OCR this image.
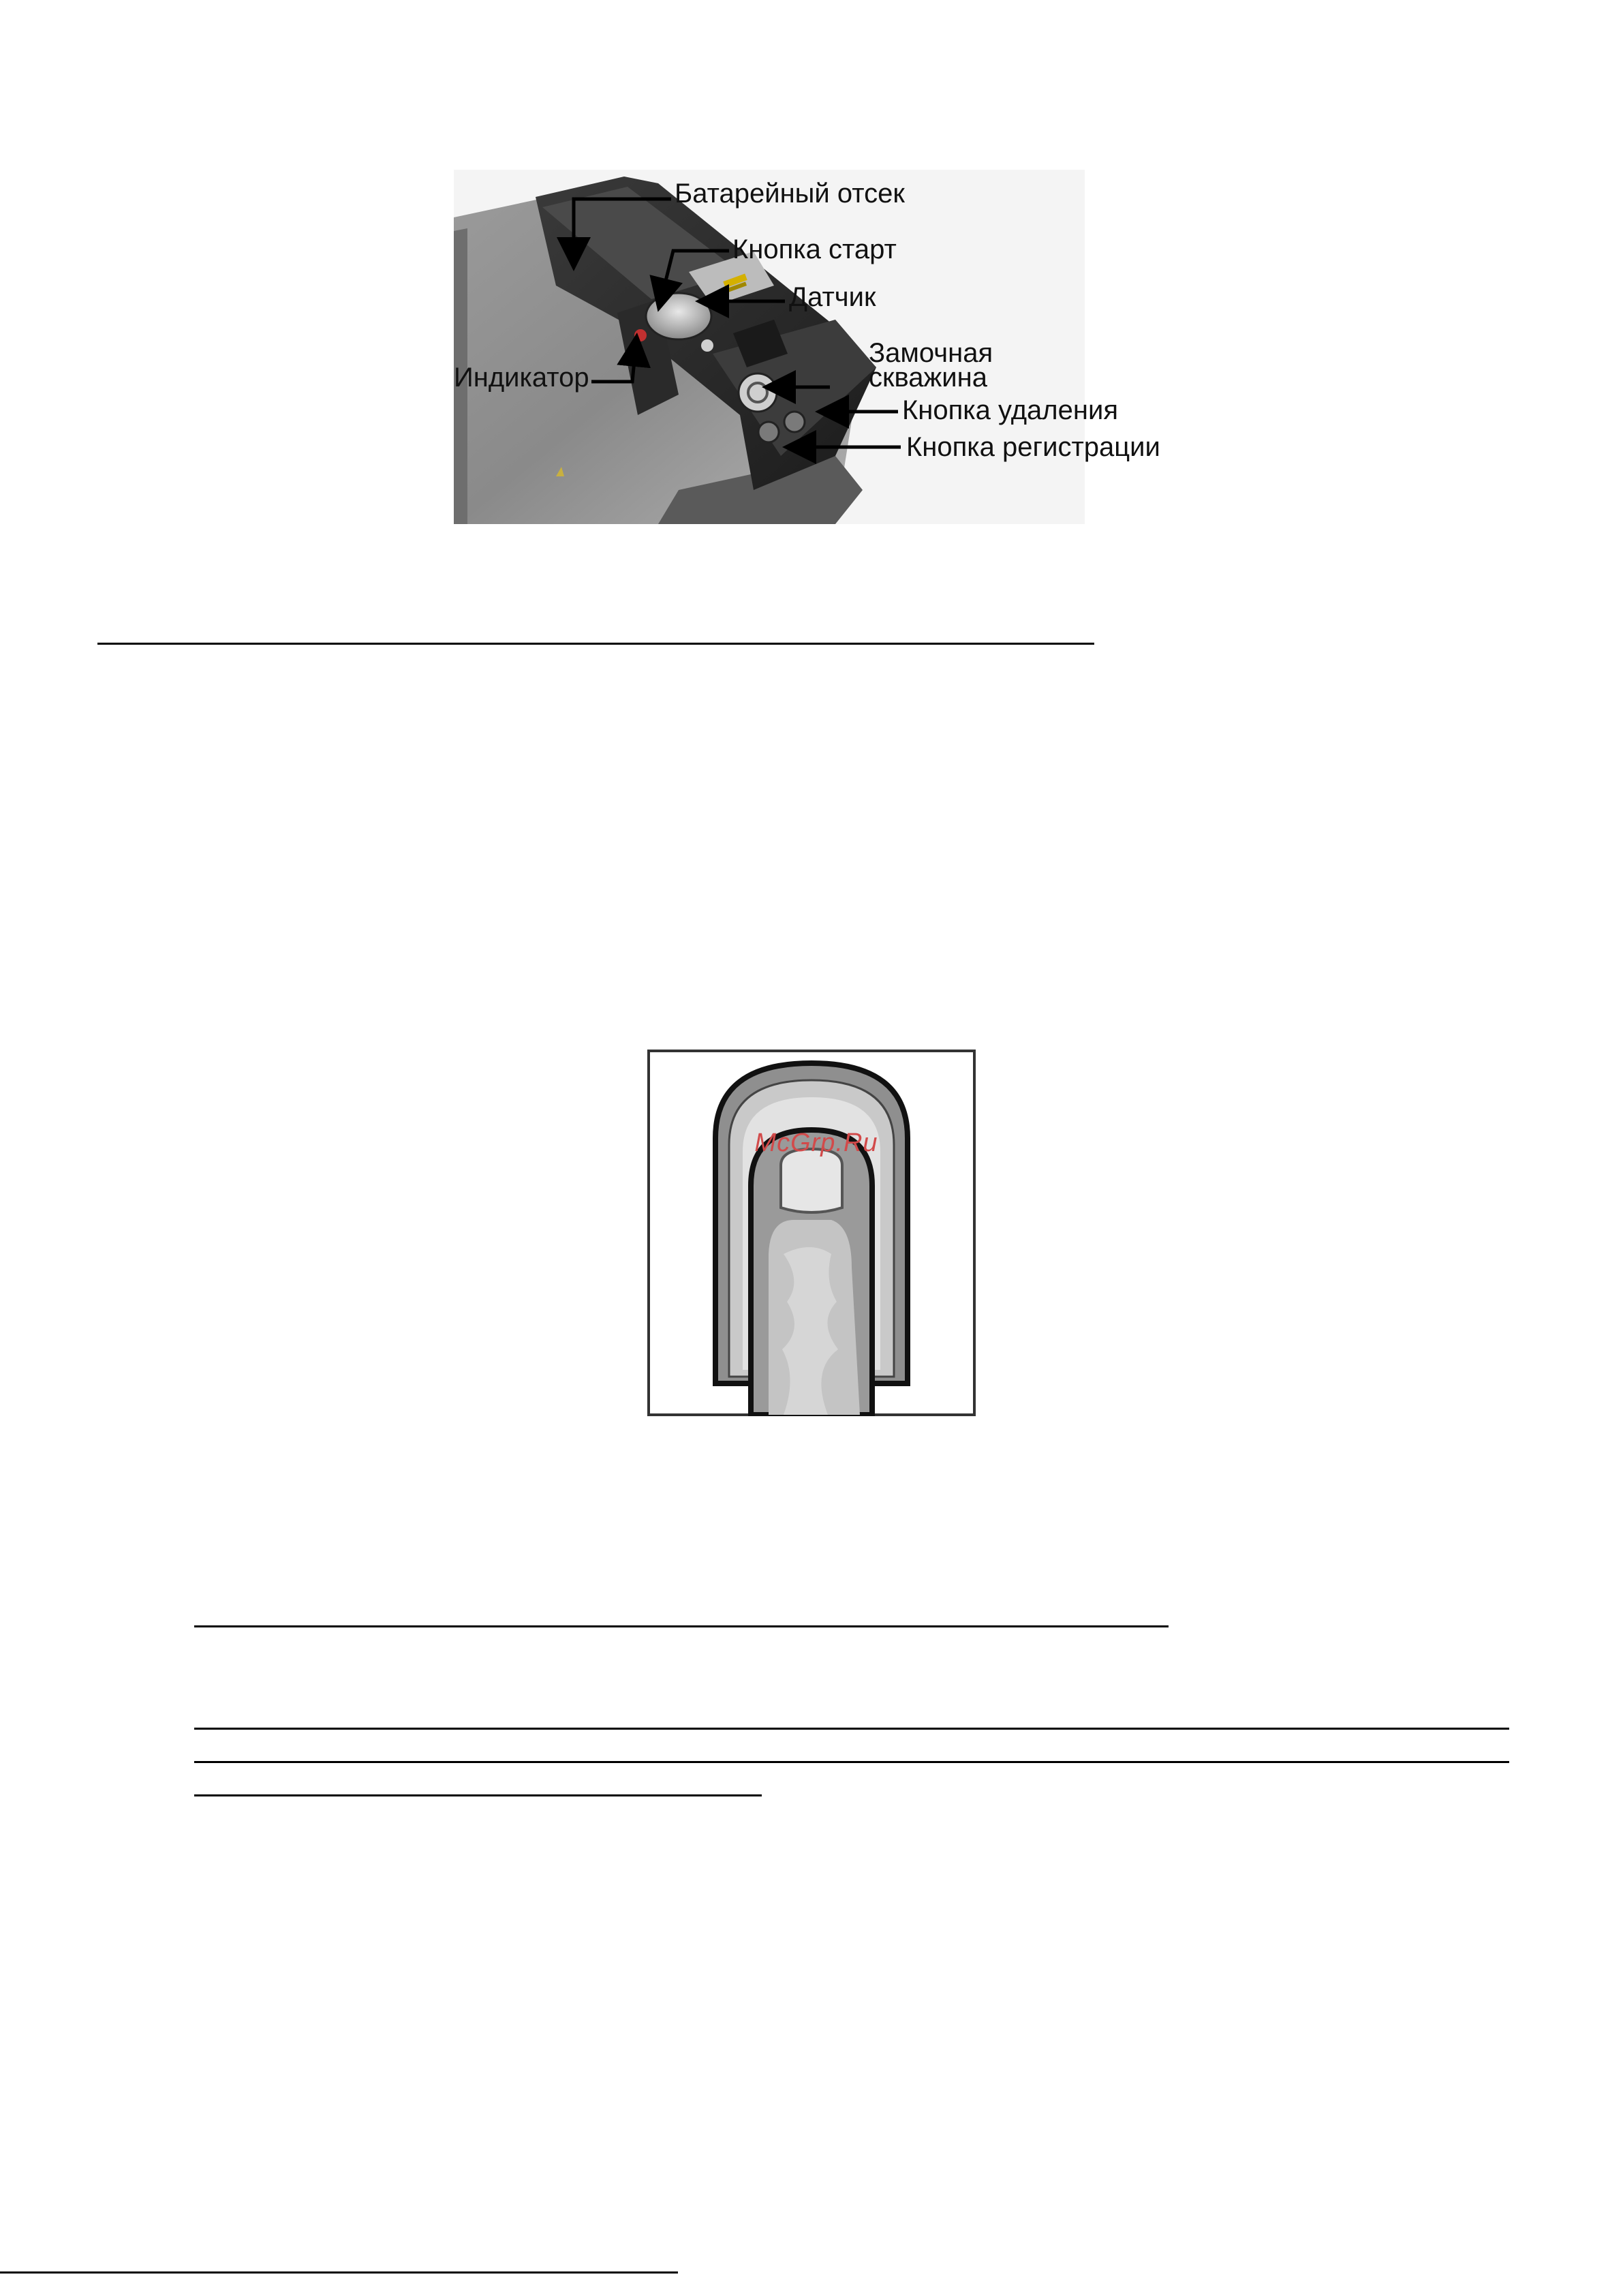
Батарейный отсек
Кнопка старт
Датчик
Индикатор
Замочная
скважина
Кнопка удаления
Кнопка регистрации
McGrp.Ru
